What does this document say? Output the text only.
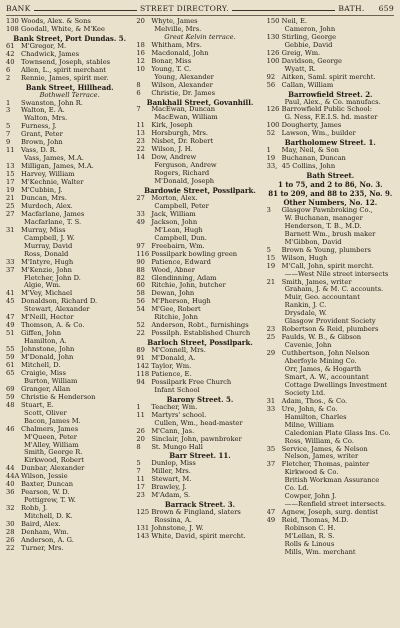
BANK	STREET DIRECTORY.	BATH. 659
130 Woods, Alex. & Sons
108 Goodall, White, & M'Kee
Bank Street, Port Dundas. 5.
61 M'Gregor, M.
42 Chadwick, James
40 Townsend, Joseph, stables
6 Allen, L., spirit merchant
2 Rennie, James, spirit mer.
Bank Street, Hillhead.
Bothwell Terrace.
1 Swanston, John R.
3 Walton, E. A.
Walton, Mrs.
5 Furness, J.
7 Grant, Peter
9 Brown, John
11 Vass, D. R.
Vass, James, M.A.
13 Milligan, James, M.A.
15 Harvey, William
17 M'Kechnie, Walter
19 M'Cubbin, J.
21 Duncan, Mrs.
25 Murdoch, Alex.
27 Macfarlane, James
Macfarlane, T. S.
31 Murray, Miss
Campbell, J. W.
Murray, David
Ross, Donald
33 M'Intyre, Hugh
37 M'Kenzie, John
Fletcher, John D.
Algie, Wm.
41 M'Vey, Michael
45 Donaldson, Richard D.
Stewart, Alexander
47 M'Neill, Hector
49 Thomson, A. & Co.
51 Giffen, John
Hamilton, A.
55 Johnstone, John
59 M'Donald, John
61 Mitchell, D.
65 Craigie, Miss
Burton, William
69 Granger, Allan
59 Christie & Henderson
48 Stuart, E.
Scott, Oliver
Bacon, James M.
46 Chalmers, James
M'Queen, Peter
M'Alley, William
Smith, George R.
Kirkwood, Robert
44 Dunbar, Alexander
44A Wilson, Jessie
40 Baxter, Duncan
36 Pearson, W. D.
Pettigrew, T. W.
32 Robb, J.
Mitchell, D. K.
30 Baird, Alex.
28 Denham, Wm.
26 Anderson, A. G.
22 Turner, Mrs.
20 Whyte, James
Melville, Mrs.
Great Kelvin terrace.
18 Whitham, Mrs.
16 Macdonald, John
12 Bonar, Miss
10 Young, T. C.
Young, Alexander
8 Wilson, Alexander
6 Christie, Dr. James
Bankhall Street, Govanhill.
7 MacEwan, Duncan
MacEwan, William
11 Kirk, Joseph
13 Horsburgh, Mrs.
23 Nisbet, Dr. Robert
22 Wilson, J. H.
14 Dow, Andrew
Ferguson, Andrew
Rogers, Richard
M'Donald, Joseph
Bardowie Street, Possilpark.
27 Morton, Alex.
Campbell, Peter
33 Jack, William
49 Jackson, John
M'Lean, Hugh
Campbell, Dun.
97 Freebairn, Wm.
116 Possilpark bowling green
90 Patience, Edward
88 Wood, Abner
82 Glendinning, Adam
60 Ritchie, John, butcher
58 Dewan, John
56 M'Pherson, Hugh
54 M'Gee, Robert
Ritchie, John
52 Anderson, Robt., furnishings
22 Possilph. Established Church
Barloch Street, Possilpark.
89 M'Connell, Mrs.
91 M'Donald, A.
142 Taylor, Wm.
118 Patience, E.
94 Possilpark Free Church
Infant School
Barony Street. 5.
1 Teacher, Wm.
11 Martyrs' school.
Cullen, Wm., head-master
26 M'Cann, Jas.
20 Sinclair, John, pawnbroker
8 St. Mungo Hall
Barr Street. 11.
5 Dunlop, Miss
7 Miller, Mrs.
11 Stewart, M.
17 Brawley, J.
23 M'Adam, S.
Barrack Street. 3.
125 Brown & Fingland, slaters
Rossina, A.
131 Johnstone, J. W.
143 White, David, spirit mercht.
150 Neil, E.
Cameron, John
130 Stirling, George
Gebbie, David
126 Greig, Wm.
100 Davidson, George
Wyatt, R.
92 Aitken, Saml. spirit mercht.
56 Callan, William
Barrowfield Street. 2.
Paul, Alex., & Co. manufacs.
126 Barrowfield Public School:
G. Ness, F.E.I.S. hd. master
100 Dougherty, James
52 Lawson, Wm., builder
Bartholomew Street. 1.
1 May, Neil, & Son
19 Buchanan, Duncan
33, 45 Collins, John
Bath Street.
1 to 75, and 2 to 86, No. 3.
81 to 209, and 88 to 235, No. 9.
Other Numbers, No. 12.
3 Glasgow Pawnbroking Co.,
W. Buchanan, manager
Henderson, T. B., M.D.
Barnett Wm., brush maker
M'Gibbon, David
5 Brown & Young, plumbers
15 Wilson, Hugh
19 M'Call, John, spirit mercht.
——West Nile street intersects
21 Smith, James, writer
Graham, J. & M. C. accounts.
Muir, Geo. accountant
Rankin, J. C.
Drysdale, W.
Glasgow Provident Society
23 Robertson & Reid, plumbers
25 Faulds, W. B., & Gibson
Cavenie, John
29 Cuthbertson, John Nelson
Aberfoyle Mining Co.
Orr, James, & Hogarth
Smart, A. W., accountant
Cottage Dwellings Investment
Society Ltd.
31 Adam, Thos., & Co.
33 Ure, John, & Co.
Hamilton, Charles
Milne, William
Caledonian Plate Glass Ins. Co.
Ross, William, & Co.
35 Service, James, & Nelson
Nelson, James, writer
37 Fletcher, Thomas, painter
Kirkwood & Co.
British Workman Assurance
Co. Ld.
Cowper, John J.
——Renfield street intersects.
47 Agnew, Joseph, surg. dentist
49 Reid, Thomas, M.D.
Robinson C. H.
M'Lellan, R. S.
Rolls & Linous
Mills, Wm. merchant
